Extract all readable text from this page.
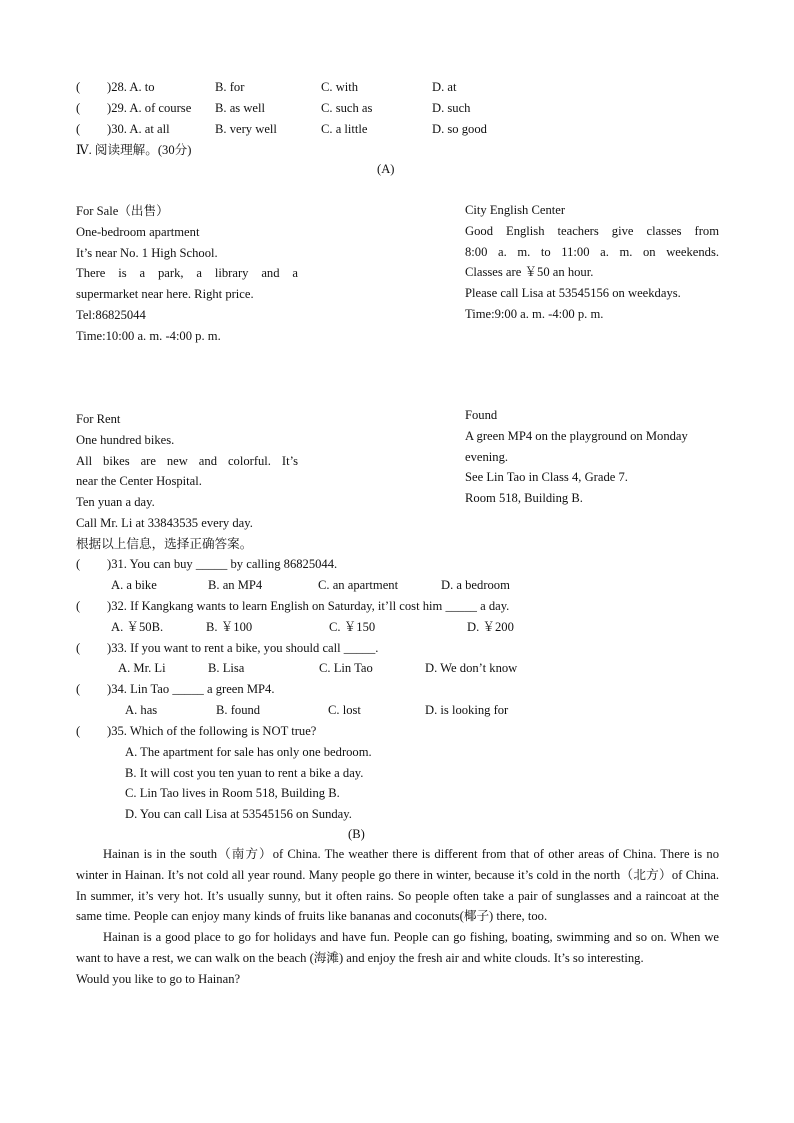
( )28. A. to	B. for	C. with	D. at
( )29. A. of course B. as well	C. such as	D. such
( )30. A. at all	B. very well	C. a little	D. so good
Ⅳ. 阅读理解。(30分)
(A)
For Sale（出售）
One-bedroom apartment
It’s near No. 1 High School.
There is a park, a library and a
supermarket near here. Right price.
Tel:86825044
Time:10:00 a. m. -4:00 p. m.
City English Center
Good English teachers give classes from
8:00 a. m. to 11:00 a. m. on weekends.
Classes are ￥50 an hour.
Please call Lisa at 53545156 on weekdays.
Time:9:00 a. m. -4:00 p. m.
For Rent
One hundred bikes.
All bikes are new and colorful. It’s
near the Center Hospital.
Ten yuan a day.
Call Mr. Li at 33843535 every day.
Found
A green MP4 on the playground on Monday
evening.
See Lin Tao in Class 4, Grade 7.
Room 518, Building B.
根据以上信息，选择正确答案。
( )31. You can buy _____ by calling 86825044.
A. a bike	B. an MP4	C. an apartment	D. a bedroom
( )32. If Kangkang wants to learn English on Saturday, it’ll cost him _____ a day.
A. ￥50B.	B. ￥100	C. ￥150	D. ￥200
( )33. If you want to rent a bike, you should call _____.
A. Mr. Li	B. Lisa	C. Lin Tao	D. We don’t know
( )34. Lin Tao _____ a green MP4.
A. has	B. found	C. lost	D. is looking for
( )35. Which of the following is NOT true?
A. The apartment for sale has only one bedroom.
B. It will cost you ten yuan to rent a bike a day.
C. Lin Tao lives in Room 518, Building B.
D. You can call Lisa at 53545156 on Sunday.
(B)

Hainan is in the south（南方）of China. The weather there is different from that of other areas of China. There is no winter in Hainan. It’s not cold all year round. Many people go there in winter, because it’s cold in the north（北方）of China. In summer, it’s very hot. It’s usually sunny, but it often rains. So people often take a pair of sunglasses and a raincoat at the same time. People can enjoy many kinds of fruits like bananas and coconuts(椰子) there, too.

Hainan is a good place to go for holidays and have fun. People can go fishing, boating, swimming and so on. When we want to have a rest, we can walk on the beach (海滩) and enjoy the fresh air and white clouds. It’s so interesting.

Would you like to go to Hainan?
